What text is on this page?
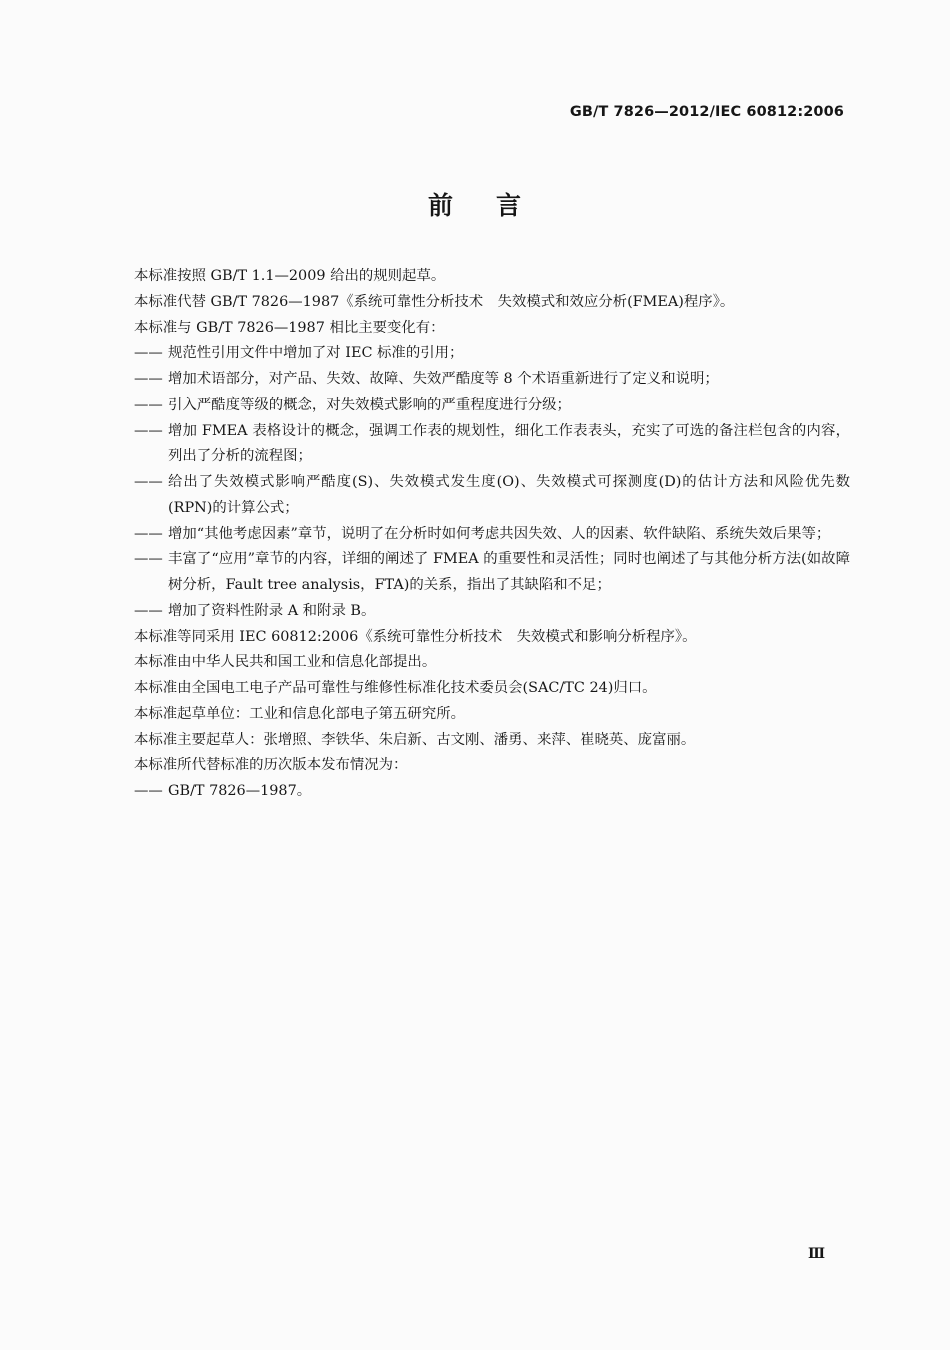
GB/T 7826—2012/IEC 60812:2006
前 言
本标准按照 GB/T 1.1—2009 给出的规则起草。
本标准代替 GB/T 7826—1987《系统可靠性分析技术　失效模式和效应分析(FMEA)程序》。
本标准与 GB/T 7826—1987 相比主要变化有：
—— 规范性引用文件中增加了对 IEC 标准的引用；
—— 增加术语部分，对产品、失效、故障、失效严酷度等 8 个术语重新进行了定义和说明；
—— 引入严酷度等级的概念，对失效模式影响的严重程度进行分级；
—— 增加 FMEA 表格设计的概念，强调工作表的规划性，细化工作表表头，充实了可选的备注栏包含的内容，列出了分析的流程图；
—— 给出了失效模式影响严酷度(S)、失效模式发生度(O)、失效模式可探测度(D)的估计方法和风险优先数(RPN)的计算公式；
—— 增加“其他考虑因素”章节，说明了在分析时如何考虑共因失效、人的因素、软件缺陷、系统失效后果等；
—— 丰富了“应用”章节的内容，详细的阐述了 FMEA 的重要性和灵活性；同时也阐述了与其他分析方法(如故障树分析，Fault tree analysis，FTA)的关系，指出了其缺陷和不足；
—— 增加了资料性附录 A 和附录 B。
本标准等同采用 IEC 60812:2006《系统可靠性分析技术　失效模式和影响分析程序》。
本标准由中华人民共和国工业和信息化部提出。
本标准由全国电工电子产品可靠性与维修性标准化技术委员会(SAC/TC 24)归口。
本标准起草单位：工业和信息化部电子第五研究所。
本标准主要起草人：张增照、李铁华、朱启新、古文刚、潘勇、来萍、崔晓英、庞富丽。
本标准所代替标准的历次版本发布情况为：
—— GB/T 7826—1987。
Ⅲ
